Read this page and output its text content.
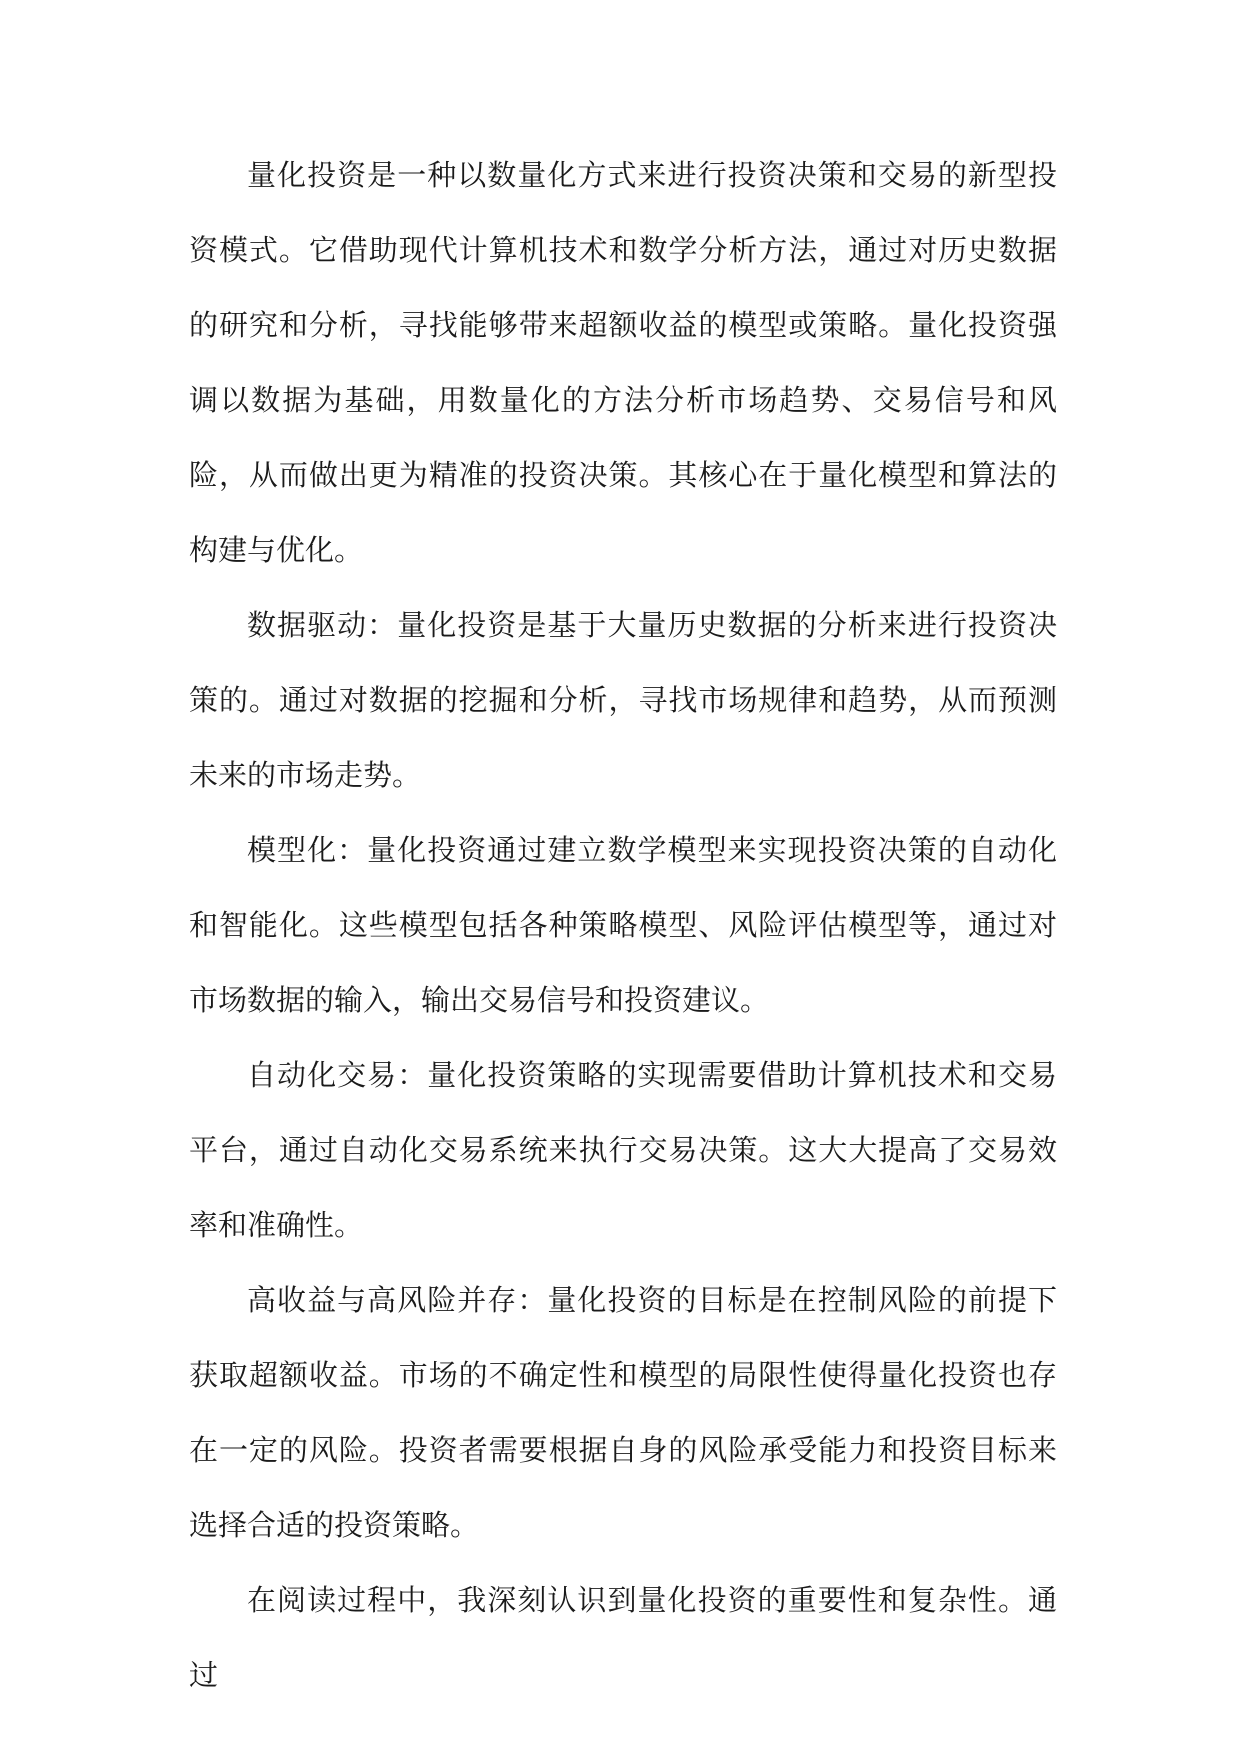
量化投资是一种以数量化方式来进行投资决策和交易的新型投资模式。它借助现代计算机技术和数学分析方法，通过对历史数据的研究和分析，寻找能够带来超额收益的模型或策略。量化投资强调以数据为基础，用数量化的方法分析市场趋势、交易信号和风险，从而做出更为精准的投资决策。其核心在于量化模型和算法的构建与优化。

数据驱动：量化投资是基于大量历史数据的分析来进行投资决策的。通过对数据的挖掘和分析，寻找市场规律和趋势，从而预测未来的市场走势。

模型化：量化投资通过建立数学模型来实现投资决策的自动化和智能化。这些模型包括各种策略模型、风险评估模型等，通过对市场数据的输入，输出交易信号和投资建议。

自动化交易：量化投资策略的实现需要借助计算机技术和交易平台，通过自动化交易系统来执行交易决策。这大大提高了交易效率和准确性。

高收益与高风险并存：量化投资的目标是在控制风险的前提下获取超额收益。市场的不确定性和模型的局限性使得量化投资也存在一定的风险。投资者需要根据自身的风险承受能力和投资目标来选择合适的投资策略。

在阅读过程中，我深刻认识到量化投资的重要性和复杂性。通过
